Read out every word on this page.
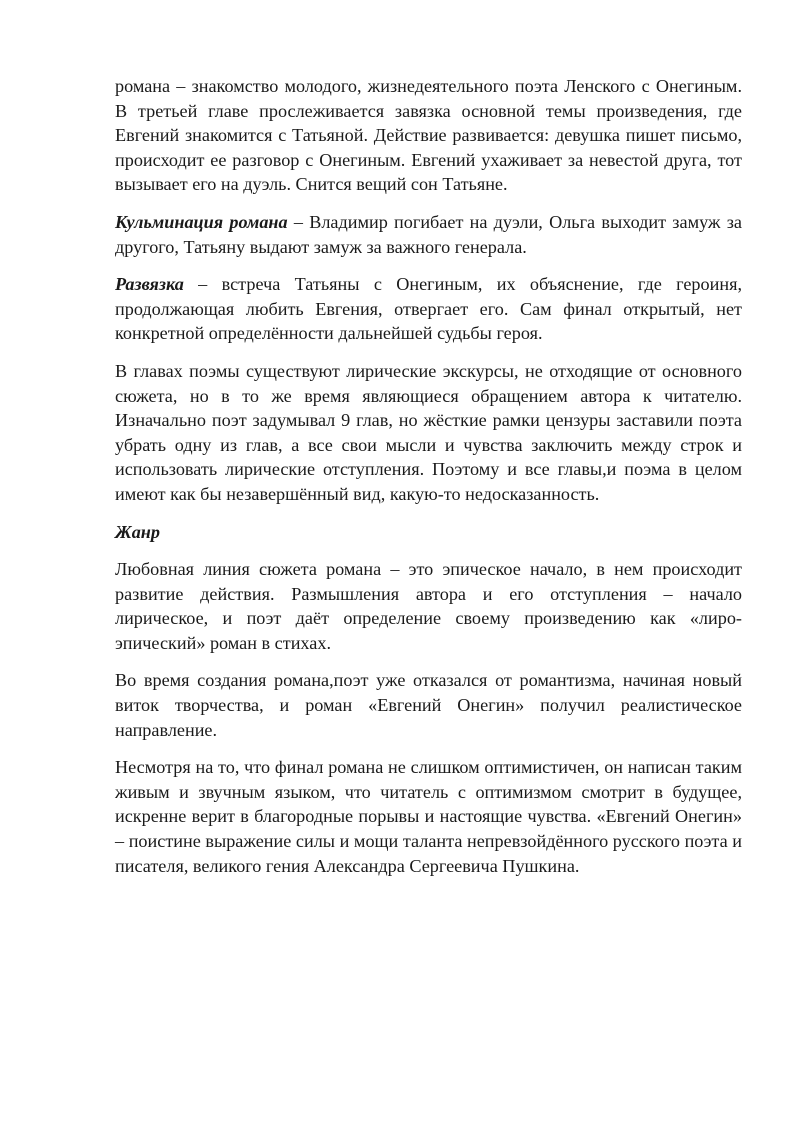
романа – знакомство молодого, жизнедеятельного поэта Ленского с Онегиным. В третьей главе прослеживается завязка основной темы произведения, где Евгений знакомится с Татьяной. Действие развивается: девушка пишет письмо, происходит ее разговор с Онегиным. Евгений ухаживает за невестой друга, тот вызывает его на дуэль. Снится вещий сон Татьяне.

Кульминация романа – Владимир погибает на дуэли, Ольга выходит замуж за другого, Татьяну выдают замуж за важного генерала.

Развязка – встреча Татьяны с Онегиным, их объяснение, где героиня, продолжающая любить Евгения, отвергает его. Сам финал открытый, нет конкретной определённости дальнейшей судьбы героя.

В главах поэмы существуют лирические экскурсы, не отходящие от основного сюжета, но в то же время являющиеся обращением автора к читателю. Изначально поэт задумывал 9 глав, но жёсткие рамки цензуры заставили поэта убрать одну из глав, а все свои мысли и чувства заключить между строк и использовать лирические отступления. Поэтому и все главы,и поэма в целом имеют как бы незавершённый вид, какую-то недосказанность.

Жанр

Любовная линия сюжета романа – это эпическое начало, в нем происходит развитие действия. Размышления автора и его отступления – начало лирическое, и поэт даёт определение своему произведению как «лиро-эпический» роман в стихах.

Во время создания романа,поэт уже отказался от романтизма, начиная новый виток творчества, и роман «Евгений Онегин» получил реалистическое направление.

Несмотря на то, что финал романа не слишком оптимистичен, он написан таким живым и звучным языком, что читатель с оптимизмом смотрит в будущее, искренне верит в благородные порывы и настоящие чувства. «Евгений Онегин» – поистине выражение силы и мощи таланта непревзойдённого русского поэта и писателя, великого гения Александра Сергеевича Пушкина.
